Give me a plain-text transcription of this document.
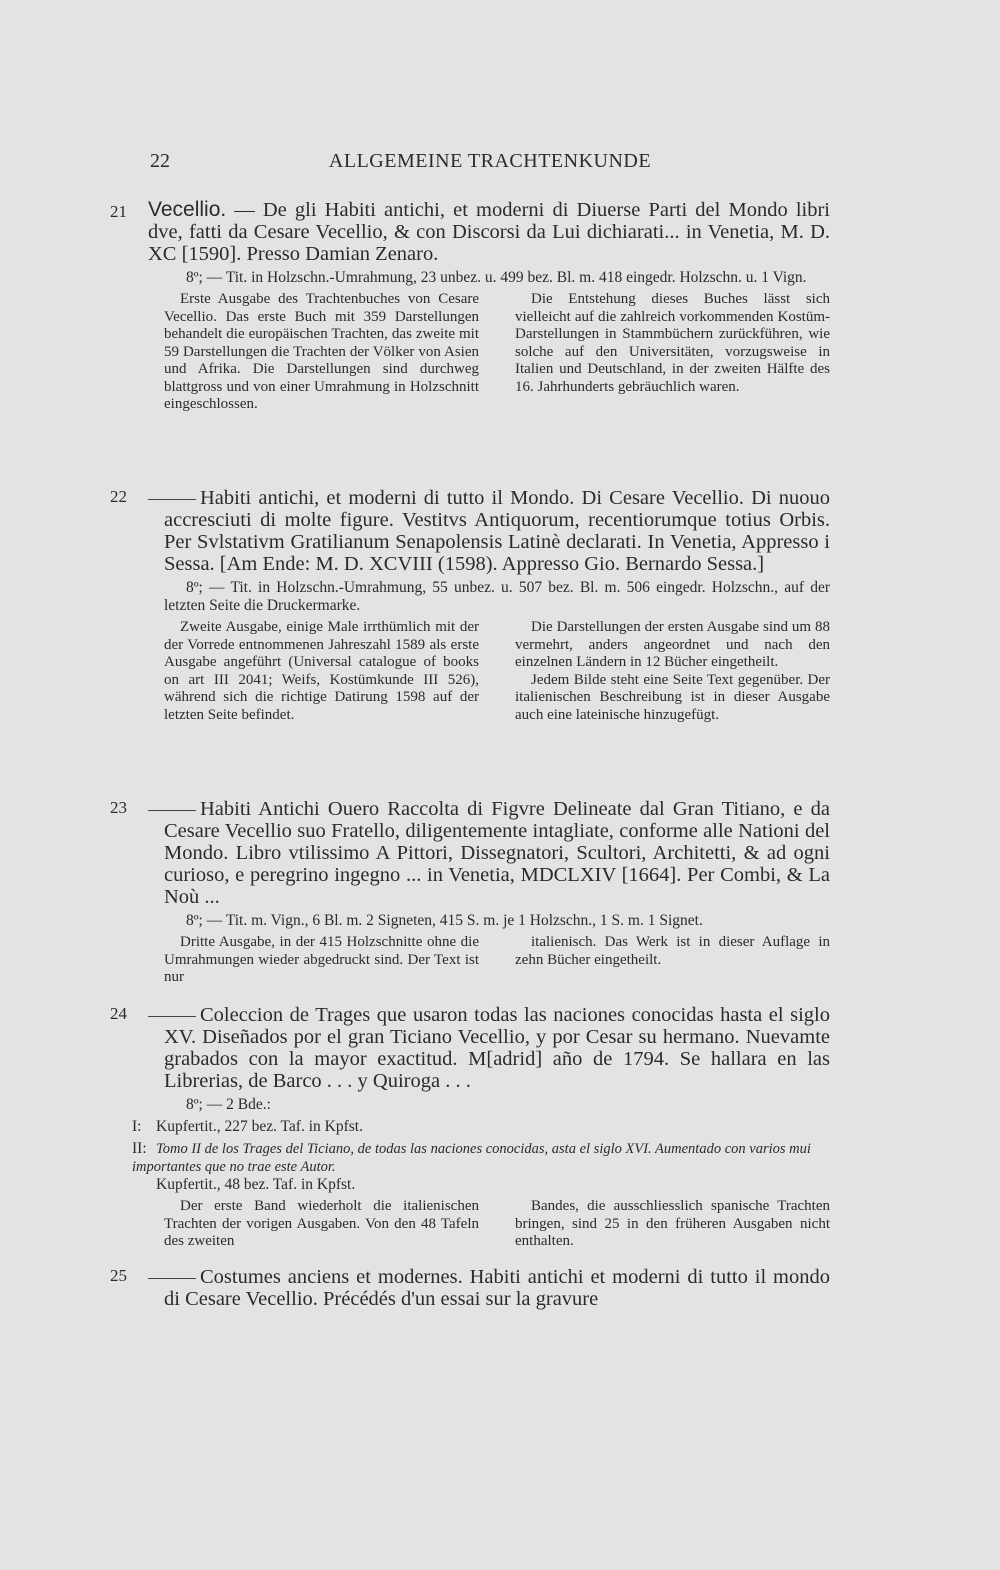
22	ALLGEMEINE TRACHTENKUNDE
21 Vecellio. — De gli Habiti antichi, et moderni di Diuerse Parti del Mondo libri dve, fatti da Cesare Vecellio, & con Discorsi da Lui dichiarati... in Venetia, M. D. XC [1590]. Presso Damian Zenaro.

8º; — Tit. in Holzschn.-Umrahmung, 23 unbez. u. 499 bez. Bl. m. 418 eingedr. Holzschn. u. 1 Vign.

Erste Ausgabe des Trachtenbuches von Cesare Vecellio. Das erste Buch mit 359 Darstellungen behandelt die europäischen Trachten, das zweite mit 59 Darstellungen die Trachten der Völker von Asien und Afrika. Die Darstellungen sind durchweg blattgross und von einer Umrahmung in Holzschnitt eingeschlossen.

Die Entstehung dieses Buches lässt sich vielleicht auf die zahlreich vorkommenden Kostüm-Darstellungen in Stammbüchern zurückführen, wie solche auf den Universitäten, vorzugsweise in Italien und Deutschland, in der zweiten Hälfte des 16. Jahrhunderts gebräuchlich waren.

22	Habiti antichi, et moderni di tutto il Mondo. Di Cesare Vecellio. Di nuouo accresciuti di molte figure. Vestitvs Antiquorum, recentiorumque totius Orbis. Per Svlstativm Gratilianum Senapolensis Latinè declarati. In Venetia, Appresso i Sessa. [Am Ende: M. D. XCVIII (1598). Appresso Gio. Bernardo Sessa.]

8º; — Tit. in Holzschn.-Umrahmung, 55 unbez. u. 507 bez. Bl. m. 506 eingedr. Holzschn., auf der letzten Seite die Druckermarke.

Zweite Ausgabe, einige Male irrthümlich mit der der Vorrede entnommenen Jahreszahl 1589 als erste Ausgabe angeführt (Universal catalogue of books on art III 2041; Weifs, Kostümkunde III 526), während sich die richtige Datirung 1598 auf der letzten Seite befindet.

Die Darstellungen der ersten Ausgabe sind um 88 vermehrt, anders angeordnet und nach den einzelnen Ländern in 12 Bücher eingetheilt.

Jedem Bilde steht eine Seite Text gegenüber. Der italienischen Beschreibung ist in dieser Ausgabe auch eine lateinische hinzugefügt.

23	Habiti Antichi Ouero Raccolta di Figvre Delineate dal Gran Titiano, e da Cesare Vecellio suo Fratello, diligentemente intagliate, conforme alle Nationi del Mondo. Libro vtilissimo A Pittori, Dissegnatori, Scultori, Architetti, & ad ogni curioso, e peregrino ingegno ... in Venetia, MDCLXIV [1664]. Per Combi, & La Noù ...

8º; — Tit. m. Vign., 6 Bl. m. 2 Signeten, 415 S. m. je 1 Holzschn., 1 S. m. 1 Signet.

Dritte Ausgabe, in der 415 Holzschnitte ohne die Umrahmungen wieder abgedruckt sind. Der Text ist nur

italienisch. Das Werk ist in dieser Auflage in zehn Bücher eingetheilt.

24	Coleccion de Trages que usaron todas las naciones conocidas hasta el siglo XV. Diseñados por el gran Ticiano Vecellio, y por Cesar su hermano. Nuevamte grabados con la mayor exactitud. M[adrid] año de 1794. Se hallara en las Librerias, de Barco . . . y Quiroga . . .

8º; — 2 Bde.:

I: Kupfertit., 227 bez. Taf. in Kpfst.
II: Tomo II de los Trages del Ticiano, de todas las naciones conocidas, asta el siglo XVI. Aumentado con varios mui importantes que no trae este Autor.
Kupfertit., 48 bez. Taf. in Kpfst.

Der erste Band wiederholt die italienischen Trachten der vorigen Ausgaben. Von den 48 Tafeln des zweiten

Bandes, die ausschliesslich spanische Trachten bringen, sind 25 in den früheren Ausgaben nicht enthalten.

25	Costumes anciens et modernes. Habiti antichi et moderni di tutto il mondo di Cesare Vecellio. Précédés d'un essai sur la gravure
